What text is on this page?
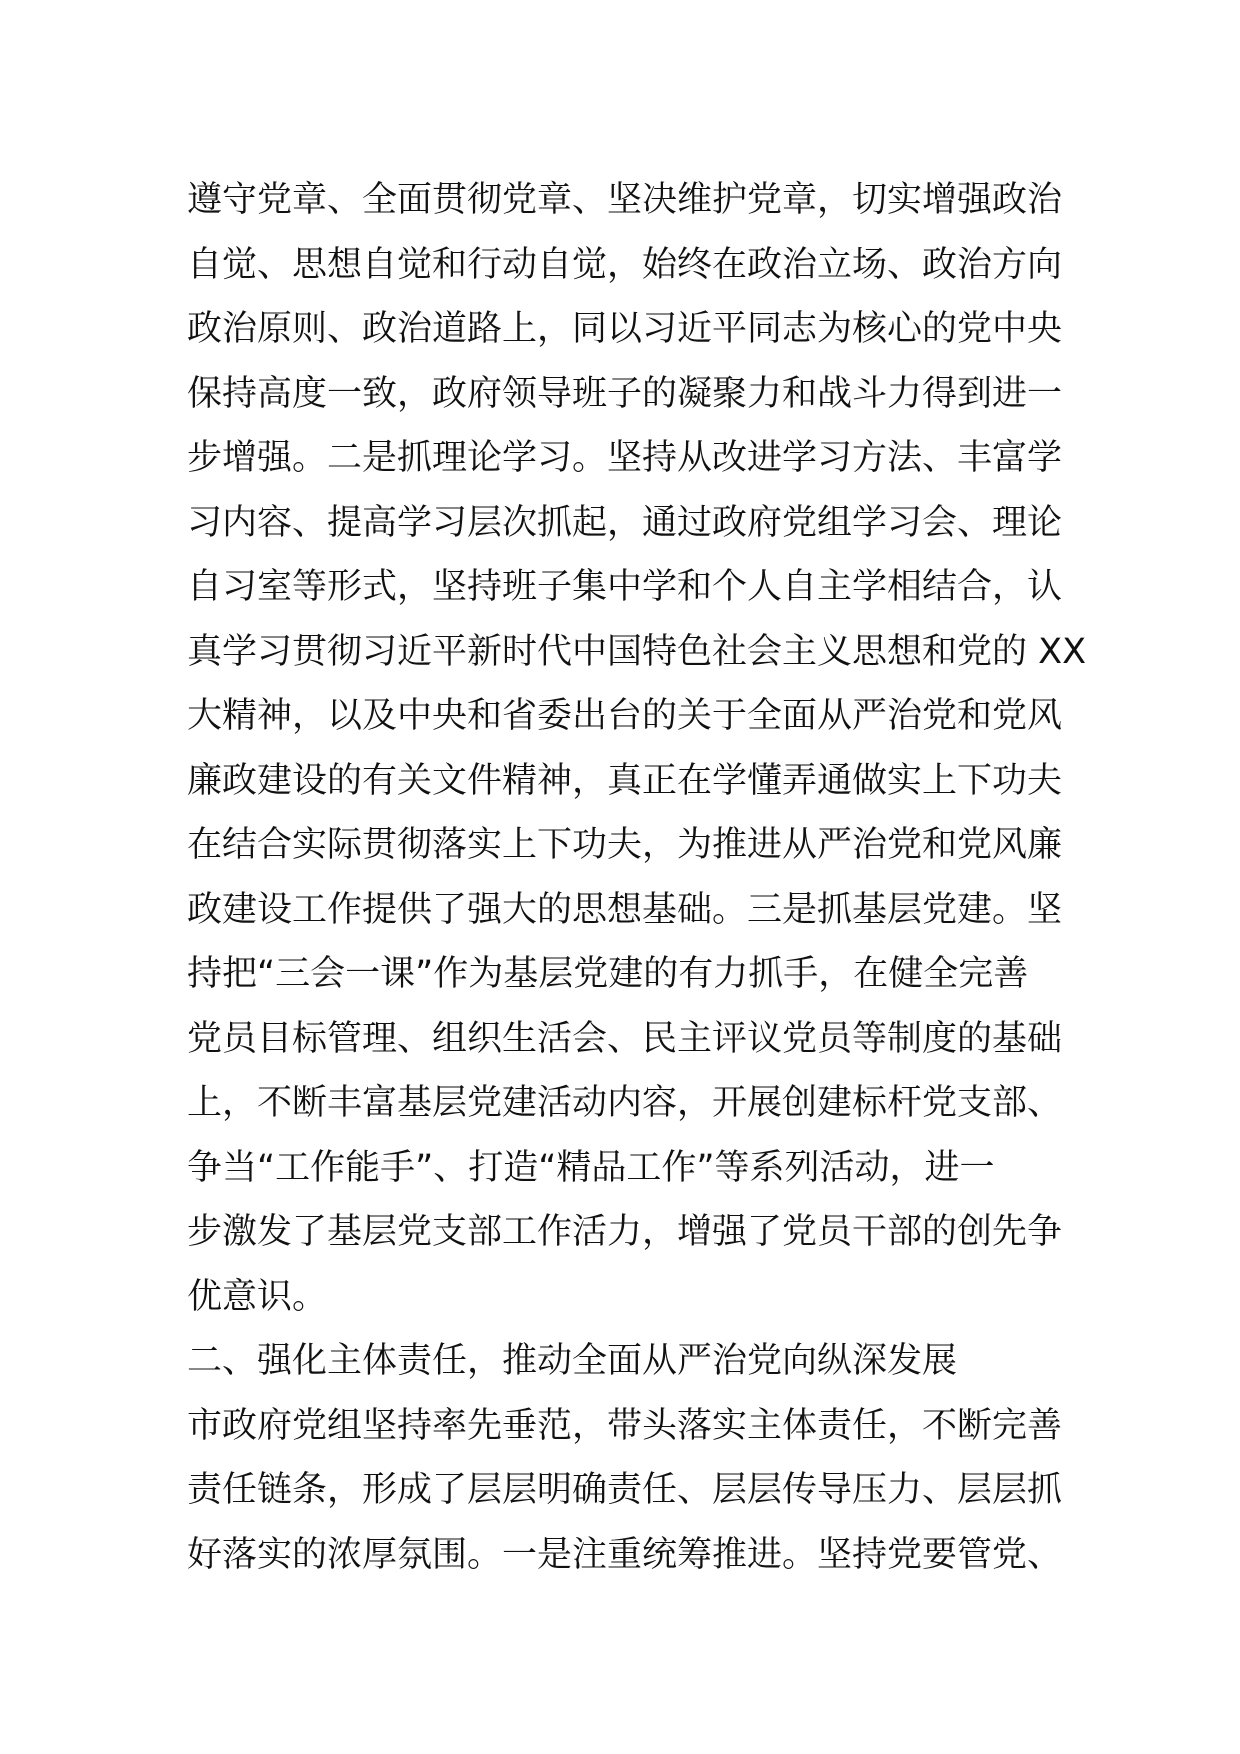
遵守党章、全面贯彻党章、坚决维护党章，切实增强政治
自觉、思想自觉和行动自觉，始终在政治立场、政治方向
政治原则、政治道路上，同以习近平同志为核心的党中央
保持高度一致，政府领导班子的凝聚力和战斗力得到进一
步增强。二是抓理论学习。坚持从改进学习方法、丰富学
习内容、提高学习层次抓起，通过政府党组学习会、理论
自习室等形式，坚持班子集中学和个人自主学相结合，认
真学习贯彻习近平新时代中国特色社会主义思想和党的 XX
大精神，以及中央和省委出台的关于全面从严治党和党风
廉政建设的有关文件精神，真正在学懂弄通做实上下功夫
在结合实际贯彻落实上下功夫，为推进从严治党和党风廉
政建设工作提供了强大的思想基础。三是抓基层党建。坚
持把“三会一课”作为基层党建的有力抓手，在健全完善
党员目标管理、组织生活会、民主评议党员等制度的基础
上，不断丰富基层党建活动内容，开展创建标杆党支部、
争当“工作能手”、打造“精品工作”等系列活动，进一
步激发了基层党支部工作活力，增强了党员干部的创先争
优意识。
二、强化主体责任，推动全面从严治党向纵深发展
市政府党组坚持率先垂范，带头落实主体责任，不断完善
责任链条，形成了层层明确责任、层层传导压力、层层抓
好落实的浓厚氛围。一是注重统筹推进。坚持党要管党、
